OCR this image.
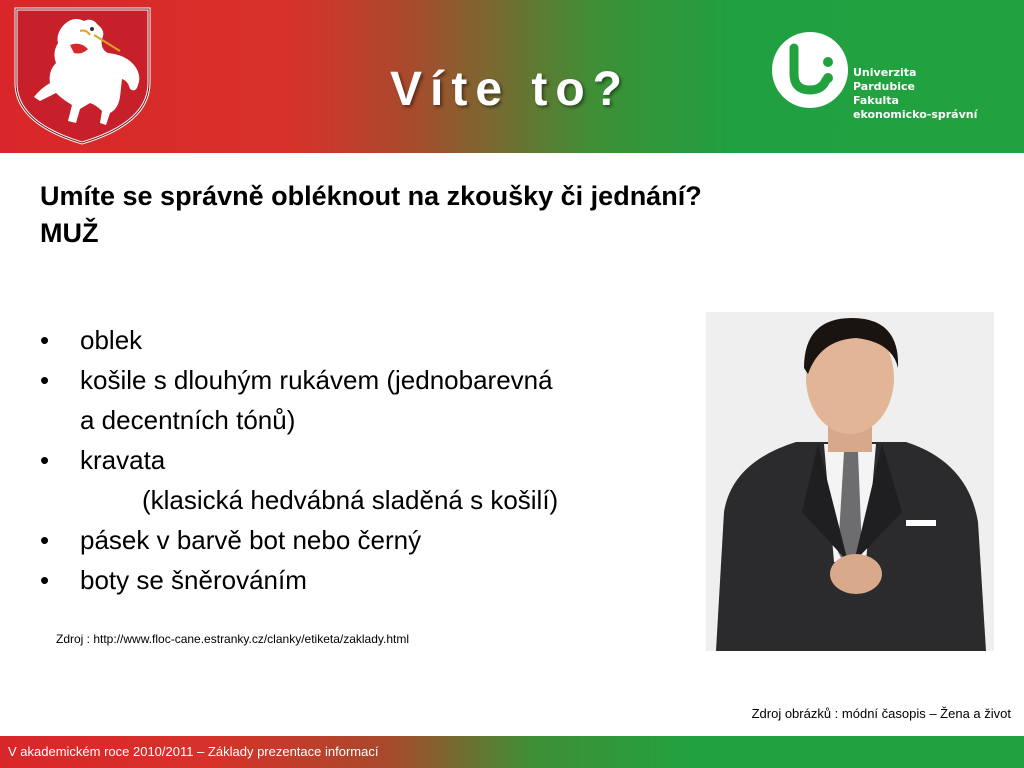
Víte to?	Univerzita
Pardubice
Fakulta
ekonomicko-správní
Umíte se správně obléknout na zkoušky či jednání?
MUŽ
•	oblek
•	košile s dlouhým rukávem (jednobarevná
a decentních tónů)
•	kravata
(klasická hedvábná sladěná s košilí)
•	pásek v barvě bot nebo černý
•	boty se šněrováním
Zdroj : http://www.floc-cane.estranky.cz/clanky/etiketa/zaklady.html
Zdroj obrázků : módní časopis – Žena a život
V akademickém roce 2010/2011 – Základy prezentace informací
